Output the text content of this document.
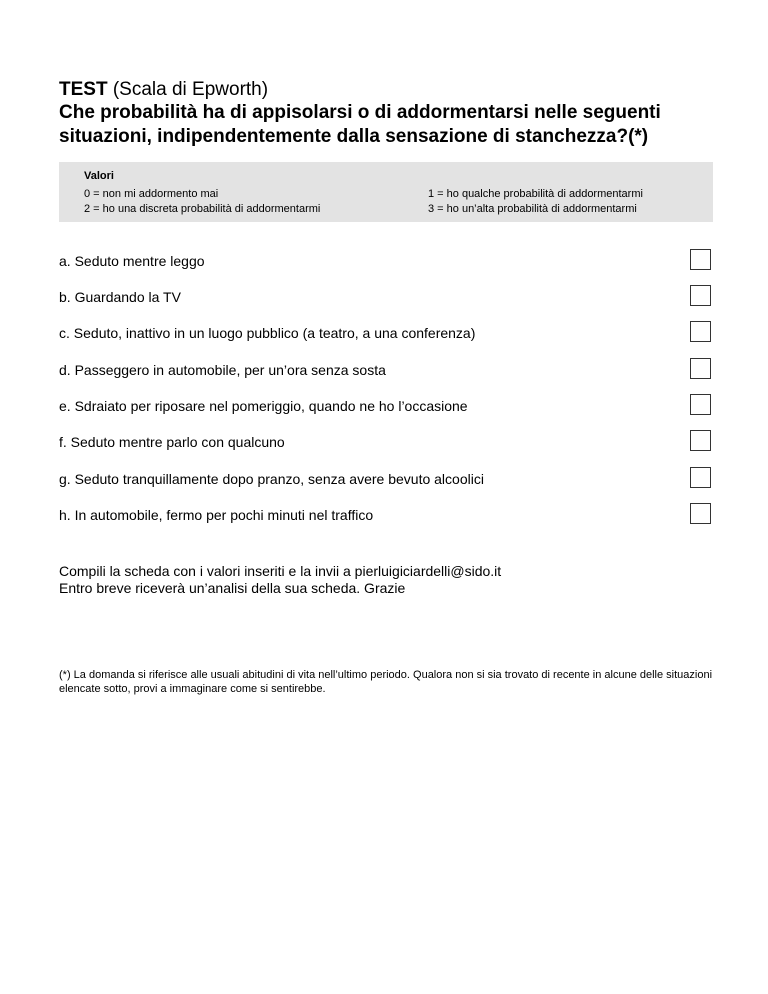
TEST (Scala di Epworth)
Che probabilità ha di appisolarsi o di addormentarsi nelle seguenti situazioni, indipendentemente dalla sensazione di stanchezza?(*)
Valori
0 = non mi addormento mai	1 = ho qualche probabilità di addormentarmi
2 = ho una discreta probabilità di addormentarmi	3 = ho un’alta probabilità di addormentarmi
a. Seduto mentre leggo
b. Guardando la TV
c. Seduto, inattivo in un luogo pubblico (a teatro, a una conferenza)
d. Passeggero in automobile, per un’ora senza sosta
e. Sdraiato per riposare nel pomeriggio, quando ne ho l’occasione
f. Seduto mentre parlo con qualcuno
g. Seduto tranquillamente dopo pranzo, senza avere bevuto alcoolici
h. In automobile, fermo per pochi minuti nel traffico
Compili la scheda con i valori inseriti e la invii a pierluigiciardelli@sido.it
Entro breve riceverà un’analisi della sua scheda. Grazie
(*) La domanda si riferisce alle usuali abitudini di vita nell’ultimo periodo. Qualora non si sia trovato di recente in alcune delle situazioni elencate sotto, provi a immaginare come si sentirebbe.
